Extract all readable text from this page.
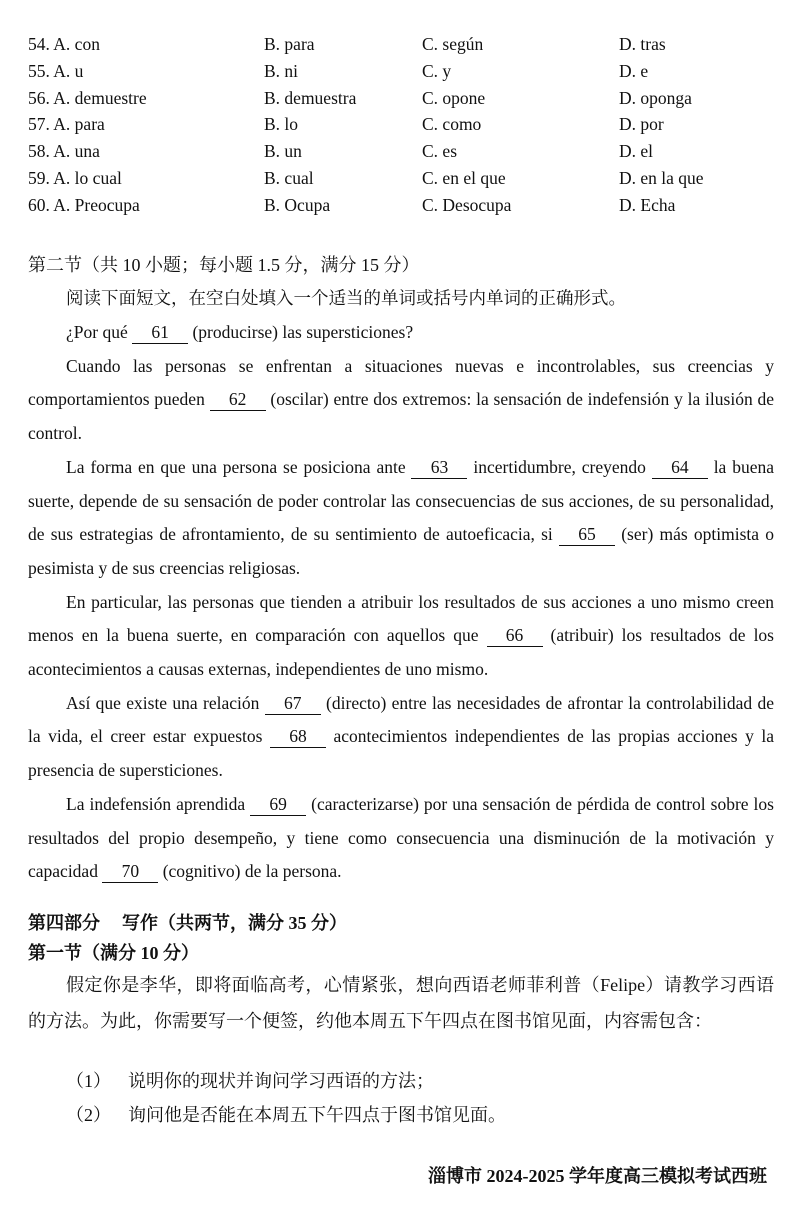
54. A. con	B. para	C. según	D. tras
55. A. u	B. ni	C. y	D. e
56. A. demuestre	B. demuestra	C. opone	D. oponga
57. A. para	B. lo	C. como	D. por
58. A. una	B. un	C. es	D. el
59. A. lo cual	B. cual	C. en el que	D. en la que
60. A. Preocupa	B. Ocupa	C. Desocupa	D. Echa
第二节（共 10 小题；每小题 1.5 分，满分 15 分）
阅读下面短文，在空白处填入一个适当的单词或括号内单词的正确形式。

¿Por qué 61 (producirse) las supersticiones?

Cuando las personas se enfrentan a situaciones nuevas e incontrolables, sus creencias y comportamientos pueden 62 (oscilar) entre dos extremos: la sensación de indefensión y la ilusión de control.

La forma en que una persona se posiciona ante 63 incertidumbre, creyendo 64 la buena suerte, depende de su sensación de poder controlar las consecuencias de sus acciones, de su personalidad, de sus estrategias de afrontamiento, de su sentimiento de autoeficacia, si 65 (ser) más optimista o pesimista y de sus creencias religiosas.

En particular, las personas que tienden a atribuir los resultados de sus acciones a uno mismo creen menos en la buena suerte, en comparación con aquellos que 66 (atribuir) los resultados de los acontecimientos a causas externas, independientes de uno mismo.

Así que existe una relación 67 (directo) entre las necesidades de afrontar la controlabilidad de la vida, el creer estar expuestos 68 acontecimientos independientes de las propias acciones y la presencia de supersticiones.

La indefensión aprendida 69 (caracterizarse) por una sensación de pérdida de control sobre los resultados del propio desempeño, y tiene como consecuencia una disminución de la motivación y capacidad 70 (cognitivo) de la persona.

第四部分 写作（共两节，满分 35 分）
第一节（满分 10 分）

假定你是李华，即将面临高考，心情紧张，想向西语老师菲利普（Felipe）请教学习西语的方法。为此，你需要写一个便签，约他本周五下午四点在图书馆见面，内容需包含：

（1） 说明你的现状并询问学习西语的方法；
（2） 询问他是否能在本周五下午四点于图书馆见面。
淄博市 2024-2025 学年度高三模拟考试西班
